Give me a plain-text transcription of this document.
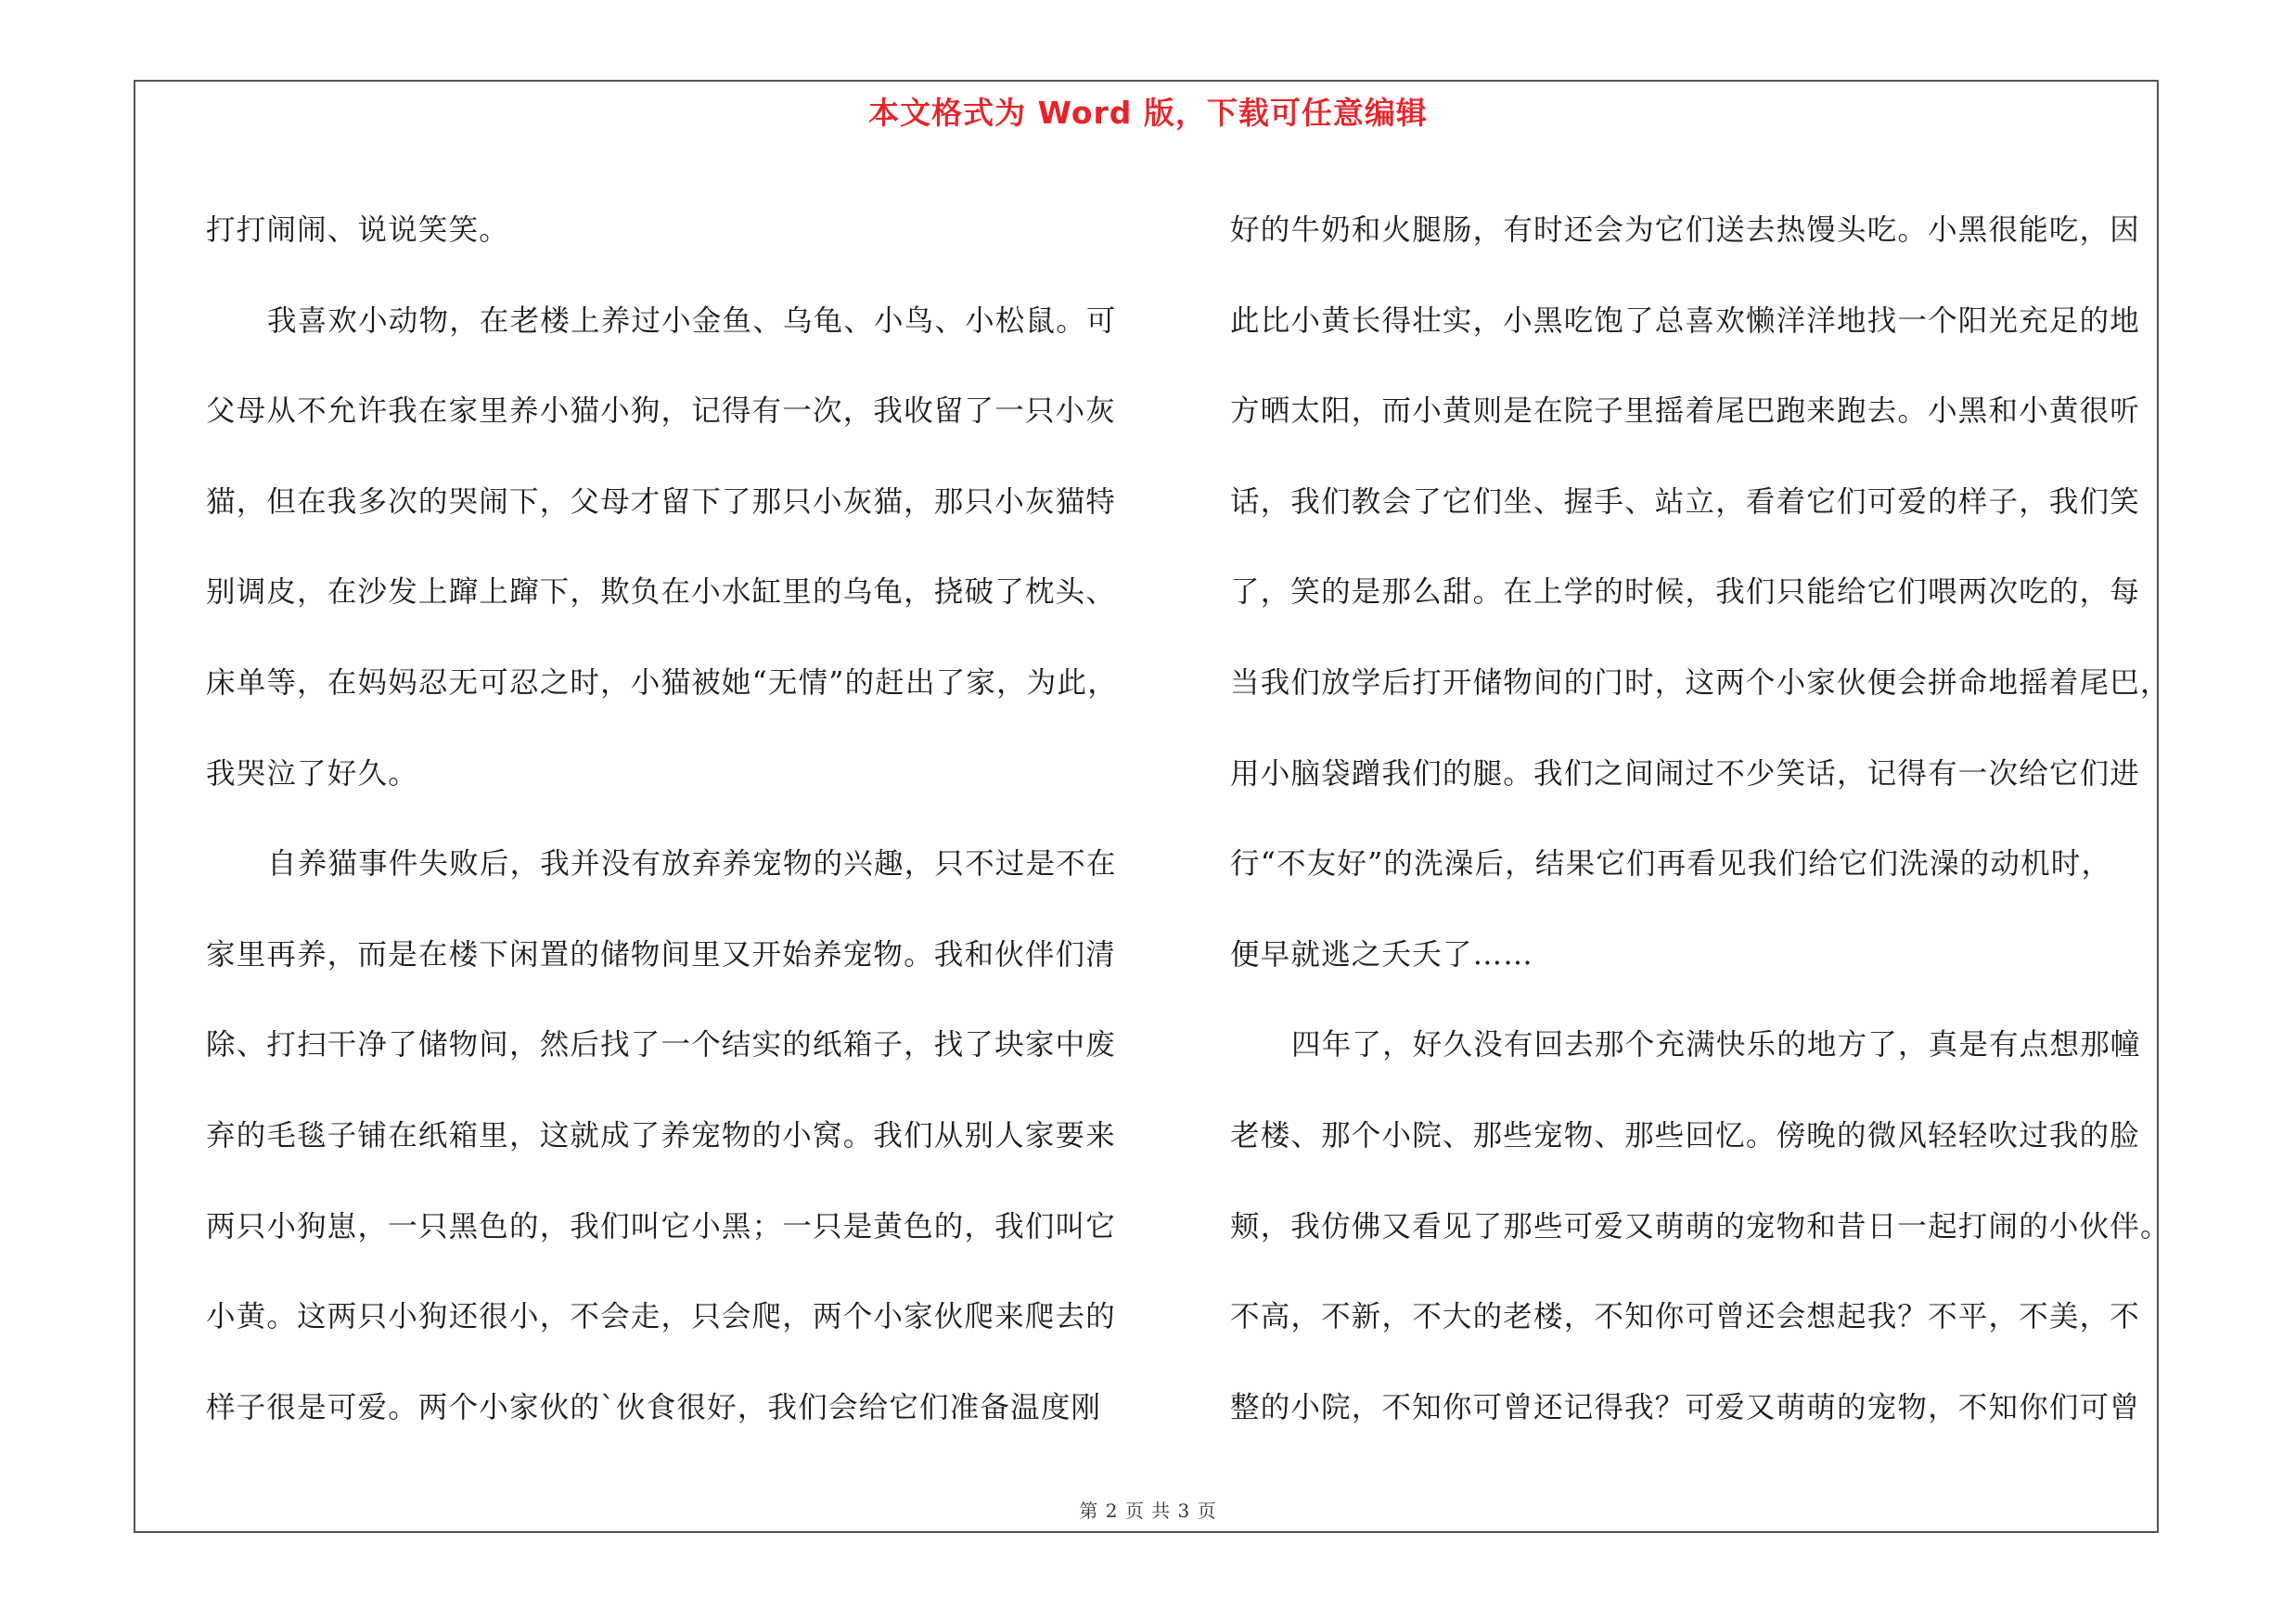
本文格式为 Word 版，下载可任意编辑

打打闹闹、说说笑笑。

我喜欢小动物，在老楼上养过小金鱼、乌龟、小鸟、小松鼠。可

父母从不允许我在家里养小猫小狗，记得有一次，我收留了一只小灰

猫，但在我多次的哭闹下，父母才留下了那只小灰猫，那只小灰猫特

别调皮，在沙发上蹿上蹿下，欺负在小水缸里的乌龟，挠破了枕头、

床单等，在妈妈忍无可忍之时，小猫被她“无情”的赶出了家，为此，

我哭泣了好久。

自养猫事件失败后，我并没有放弃养宠物的兴趣，只不过是不在

家里再养，而是在楼下闲置的储物间里又开始养宠物。我和伙伴们清

除、打扫干净了储物间，然后找了一个结实的纸箱子，找了块家中废

弃的毛毯子铺在纸箱里，这就成了养宠物的小窝。我们从别人家要来

两只小狗崽，一只黑色的，我们叫它小黑；一只是黄色的，我们叫它

小黄。这两只小狗还很小，不会走，只会爬，两个小家伙爬来爬去的

样子很是可爱。两个小家伙的`伙食很好，我们会给它们准备温度刚

好的牛奶和火腿肠，有时还会为它们送去热馒头吃。小黑很能吃，因

此比小黄长得壮实，小黑吃饱了总喜欢懒洋洋地找一个阳光充足的地

方晒太阳，而小黄则是在院子里摇着尾巴跑来跑去。小黑和小黄很听

话，我们教会了它们坐、握手、站立，看着它们可爱的样子，我们笑

了，笑的是那么甜。在上学的时候，我们只能给它们喂两次吃的，每

当我们放学后打开储物间的门时，这两个小家伙便会拼命地摇着尾巴，

用小脑袋蹭我们的腿。我们之间闹过不少笑话，记得有一次给它们进

行“不友好”的洗澡后，结果它们再看见我们给它们洗澡的动机时，

便早就逃之夭夭了……

四年了，好久没有回去那个充满快乐的地方了，真是有点想那幢

老楼、那个小院、那些宠物、那些回忆。傍晚的微风轻轻吹过我的脸

颊，我仿佛又看见了那些可爱又萌萌的宠物和昔日一起打闹的小伙伴。

不高，不新，不大的老楼，不知你可曾还会想起我？不平，不美，不

整的小院，不知你可曾还记得我？可爱又萌萌的宠物，不知你们可曾

第 2 页 共 3 页
